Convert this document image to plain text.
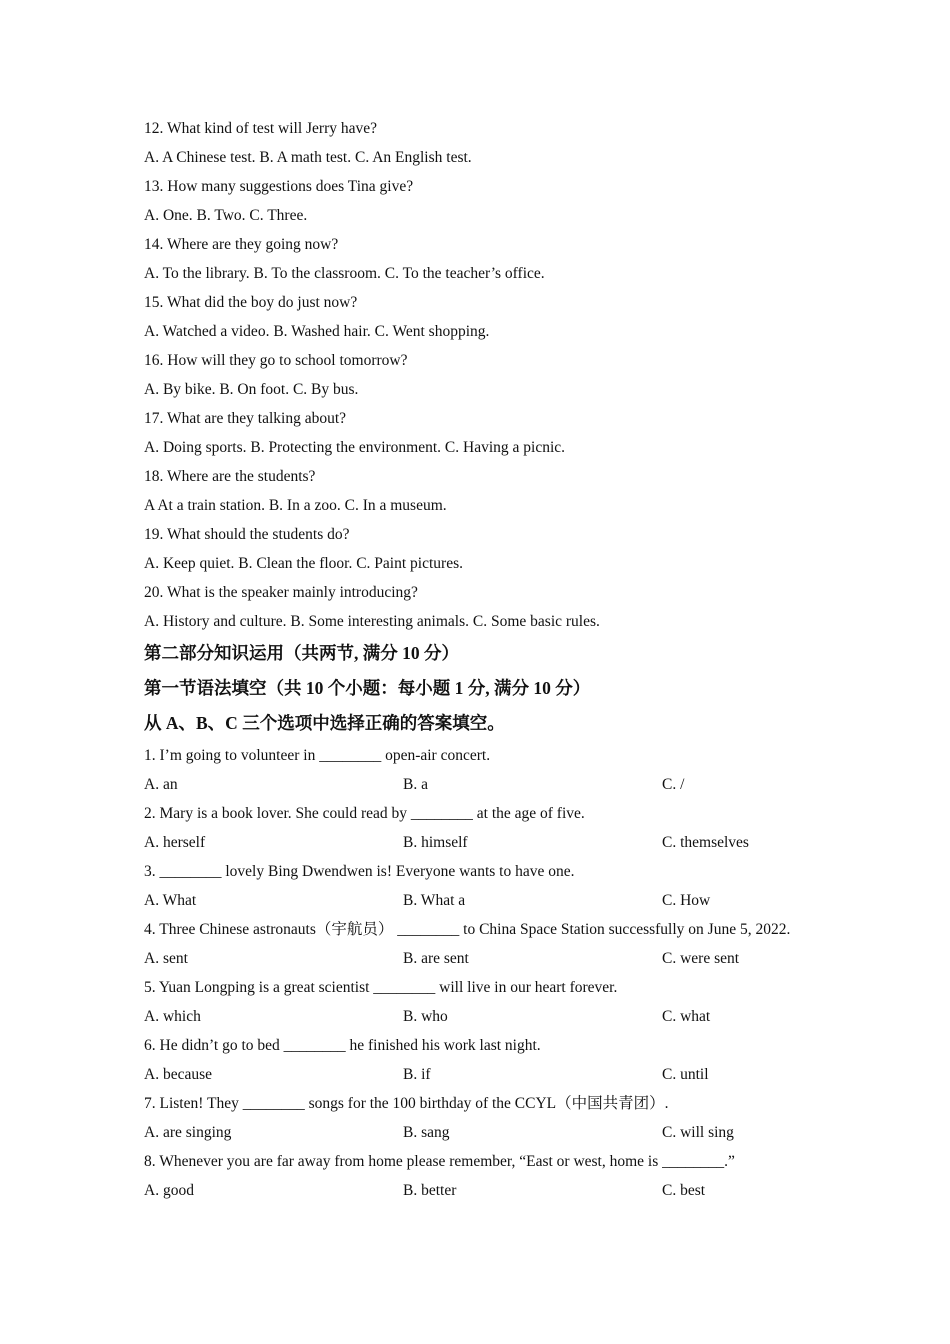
12. What kind of test will Jerry have?
A. A Chinese test. B. A math test. C. An English test.
13. How many suggestions does Tina give?
A. One. B. Two. C. Three.
14. Where are they going now?
A. To the library. B. To the classroom. C. To the teacher’s office.
15. What did the boy do just now?
A. Watched a video. B. Washed hair. C. Went shopping.
16. How will they go to school tomorrow?
A. By bike. B. On foot. C. By bus.
17. What are they talking about?
A. Doing sports. B. Protecting the environment. C. Having a picnic.
18. Where are the students?
A At a train station. B. In a zoo. C. In a museum.
19. What should the students do?
A. Keep quiet. B. Clean the floor. C. Paint pictures.
20. What is the speaker mainly introducing?
A. History and culture. B. Some interesting animals. C. Some basic rules.
第二部分知识运用（共两节, 满分 10 分）
第一节语法填空（共 10 个小题：每小题 1 分, 满分 10 分）
从 A、B、C 三个选项中选择正确的答案填空。
1. I’m going to volunteer in ________ open-air concert.
A. an	B. a	C. /
2. Mary is a book lover. She could read by ________ at the age of five.
A. herself	B. himself	C. themselves
3. ________ lovely Bing Dwendwen is! Everyone wants to have one.
A. What	B. What a	C. How
4. Three Chinese astronauts（宇航员） ________ to China Space Station successfully on June 5, 2022.
A. sent	B. are sent	C. were sent
5. Yuan Longping is a great scientist ________ will live in our heart forever.
A. which	B. who	C. what
6. He didn’t go to bed ________ he finished his work last night.
A. because	B. if	C. until
7. Listen! They ________ songs for the 100 birthday of the CCYL（中国共青团）.
A. are singing	B. sang	C. will sing
8. Whenever you are far away from home please remember, “East or west, home is ________.”
A. good	B. better	C. best
